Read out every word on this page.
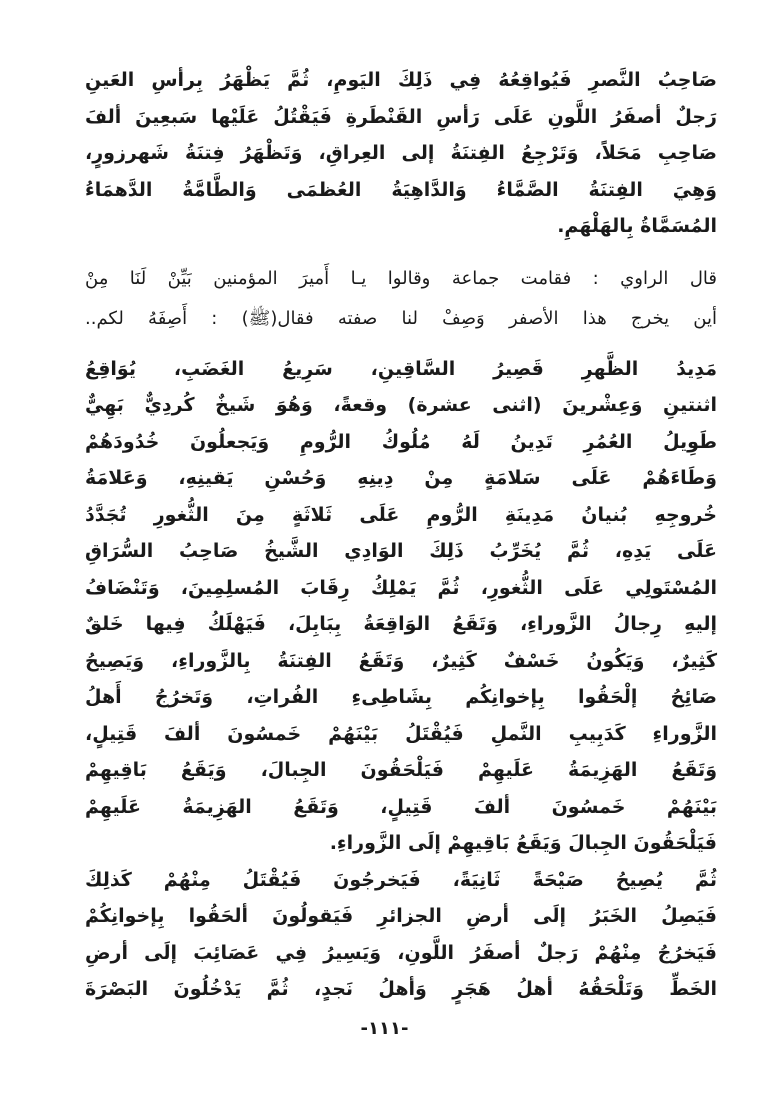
صَاحِبُ النَّصرِ فَيُواقِعُهُ فِي ذَلِكَ اليَومِ، ثُمَّ يَظْهَرُ بِرأسِ العَينِ
رَجلٌ أصفَرُ اللَّونِ عَلَى رَأسِ القَنْطَرةِ فَيَقْتُلُ عَلَيْها سَبعِينَ ألفَ
صَاحِبِ مَحَلاً، وَتَرْجِعُ الفِتنَةُ إلى العِراقِ، وَتَظْهَرُ فِتنَةُ شَهرزورٍ،
وَهِيَ الفِتنَةُ الصَّمَّاءُ وَالدَّاهِيَةُ العُظمَى وَالطَّامَّةُ الدَّهمَاءُ
المُسَمَّاةُ بِالهَلْهَمِ.
قال الراوي : فقامت جماعة وقالوا يـا أَميرَ المؤمنين بَيِّنْ لَنَا مِنْ
أين يخرج هذا الأصفر وَصِفْ لنا صفته فقال(ﷺ) : أَصِفَهُ لكم..
مَدِيدُ الظَّهرِ قَصِيرُ السَّاقِينِ، سَرِيعُ الغَضَبِ، يُوَاقِعُ
اثنتينِ وَعِشْرينَ (اثنى عشرة) وقعةً، وَهُوَ شَيخٌ كُردِيٌّ بَهِيٌّ
طَوِيلُ العُمُرِ تَدِينُ لَهُ مُلُوكُ الرُّومِ وَيَجعلُونَ خُدُودَهُمْ
وَطَاءَهُمْ عَلَى سَلامَةٍ مِنْ دِينِهِ وَحُسْنِ يَقينِهِ، وَعَلامَةُ
خُروجِهِ بُنيانُ مَدِينَةِ الرُّومِ عَلَى ثَلاثَةٍ مِنَ الثُّغورِ تُجَدَّدُ
عَلَى يَدِهِ، ثُمَّ يُخَرِّبُ ذَلِكَ الوَادِي الشَّيخُ صَاحِبُ السُّرَاقِ
المُسْتَولِي عَلَى الثُّغورِ، ثُمَّ يَمْلِكُ رِقَابَ المُسلِمِينَ، وَتَنْضَافُ
إليهِ رِجالُ الزَّوراءِ، وَتَقَعُ الوَاقِعَةُ بِبَابِلَ، فَيَهْلَكُ فِيها خَلقٌ
كَثِيرٌ، وَيَكُونُ خَسْفٌ كَثِيرٌ، وَتَقَعُ الفِتنَةُ بِالزَّوراءِ، وَيَصِيحُ
صَائِحُ إلْحَقُوا بِإخوانِكُم بِشَاطِىءِ الفُراتِ، وَتَخرُجُ أَهلُ
الزَّوراءِ كَدَبِيبِ النَّملِ فَيُقْتَلُ بَيْنَهُمْ خَمسُونَ ألفَ قَتِيلٍ،
وَتَقَعُ الهَزِيمَةُ عَلَيهِمْ فَيَلْحَقُونَ الجِبالَ، وَيَقَعُ بَاقِيهِمْ
بَيْنَهُمْ خَمسُونَ ألفَ قَتِيلٍ، وَتَقَعُ الهَزِيمَةُ عَلَيهِمْ
فَيَلْحَقُونَ الجِبالَ وَيَقَعُ بَاقِيهِمْ إلَى الزَّوراءِ.
ثُمَّ يُصِيحُ صَيْحَةً ثَانِيَةً، فَيَخرجُونَ فَيُقْتَلُ مِنْهُمْ كَذلِكَ
فَيَصِلُ الخَبَرُ إلَى أرضِ الجزائرِ فَيَقولُونَ ألحَقُوا بِإخوانِكُمْ
فَيَخرُجُ مِنْهُمْ رَجلٌ أصفَرُ اللَّونِ، وَيَسِيرُ فِي عَصَائِبَ إلَى أرضِ
الخَطِّ وَتَلْحَقُهُ أهلُ هَجَرٍ وَأهلُ نَجدٍ، ثُمَّ يَدْخُلُونَ البَصْرَةَ
-١١١-
